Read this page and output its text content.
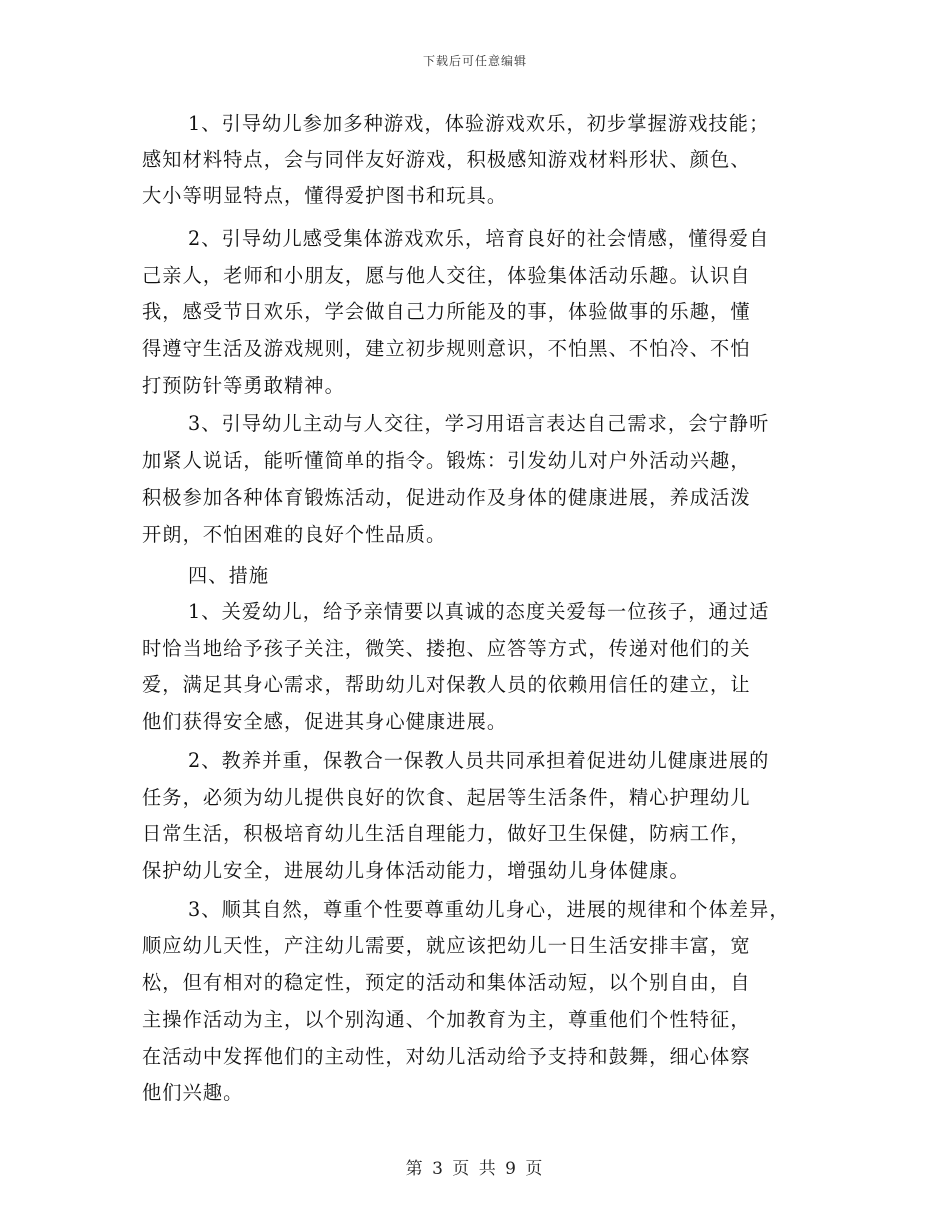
下载后可任意编辑
1、引导幼儿参加多种游戏，体验游戏欢乐，初步掌握游戏技能；
感知材料特点，会与同伴友好游戏，积极感知游戏材料形状、颜色、
大小等明显特点，懂得爱护图书和玩具。
2、引导幼儿感受集体游戏欢乐，培育良好的社会情感，懂得爱自
己亲人，老师和小朋友，愿与他人交往，体验集体活动乐趣。认识自
我，感受节日欢乐，学会做自己力所能及的事，体验做事的乐趣，懂
得遵守生活及游戏规则，建立初步规则意识，不怕黑、不怕冷、不怕
打预防针等勇敢精神。
3、引导幼儿主动与人交往，学习用语言表达自己需求，会宁静听
加紧人说话，能听懂简单的指令。锻炼：引发幼儿对户外活动兴趣，
积极参加各种体育锻炼活动，促进动作及身体的健康进展，养成活泼
开朗，不怕困难的良好个性品质。
四、措施
1、关爱幼儿，给予亲情要以真诚的态度关爱每一位孩子，通过适
时恰当地给予孩子关注，微笑、搂抱、应答等方式，传递对他们的关
爱，满足其身心需求，帮助幼儿对保教人员的依赖用信任的建立，让
他们获得安全感，促进其身心健康进展。
2、教养并重，保教合一保教人员共同承担着促进幼儿健康进展的
任务，必须为幼儿提供良好的饮食、起居等生活条件，精心护理幼儿
日常生活，积极培育幼儿生活自理能力，做好卫生保健，防病工作，
保护幼儿安全，进展幼儿身体活动能力，增强幼儿身体健康。
3、顺其自然，尊重个性要尊重幼儿身心，进展的规律和个体差异，
顺应幼儿天性，产注幼儿需要，就应该把幼儿一日生活安排丰富，宽
松，但有相对的稳定性，预定的活动和集体活动短，以个别自由，自
主操作活动为主，以个别沟通、个加教育为主，尊重他们个性特征，
在活动中发挥他们的主动性，对幼儿活动给予支持和鼓舞，细心体察
他们兴趣。
第 3 页 共 9 页
